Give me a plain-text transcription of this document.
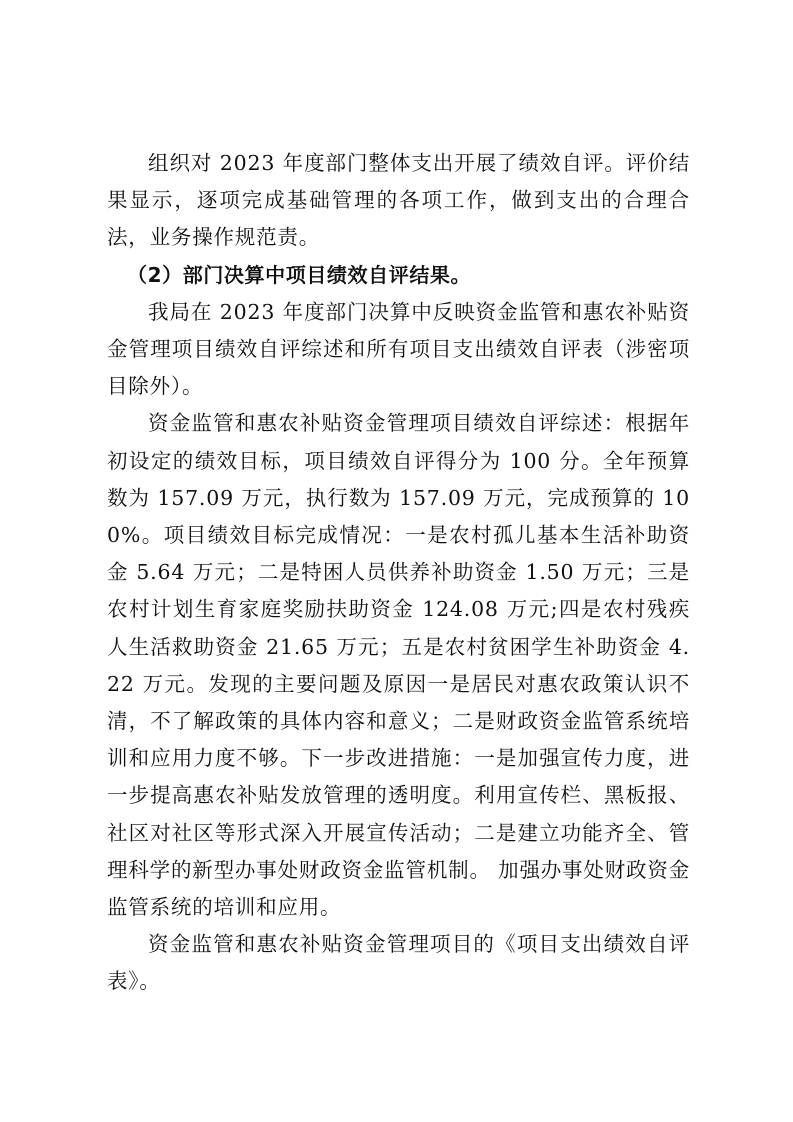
组织对 2023 年度部门整体支出开展了绩效自评。评价结果显示，逐项完成基础管理的各项工作，做到支出的合理合法，业务操作规范责。

（2）部门决算中项目绩效自评结果。

我局在 2023 年度部门决算中反映资金监管和惠农补贴资金管理项目绩效自评综述和所有项目支出绩效自评表（涉密项目除外）。

资金监管和惠农补贴资金管理项目绩效自评综述：根据年初设定的绩效目标，项目绩效自评得分为 100 分。全年预算数为 157.09 万元，执行数为 157.09 万元，完成预算的 100%。项目绩效目标完成情况：一是农村孤儿基本生活补助资金 5.64 万元；二是特困人员供养补助资金 1.50 万元；三是农村计划生育家庭奖励扶助资金 124.08 万元;四是农村残疾人生活救助资金 21.65 万元；五是农村贫困学生补助资金 4.22 万元。发现的主要问题及原因一是居民对惠农政策认识不清，不了解政策的具体内容和意义；二是财政资金监管系统培训和应用力度不够。下一步改进措施：一是加强宣传力度，进一步提高惠农补贴发放管理的透明度。利用宣传栏、黑板报、社区对社区等形式深入开展宣传活动；二是建立功能齐全、管理科学的新型办事处财政资金监管机制。 加强办事处财政资金监管系统的培训和应用。

资金监管和惠农补贴资金管理项目的《项目支出绩效自评表》。
